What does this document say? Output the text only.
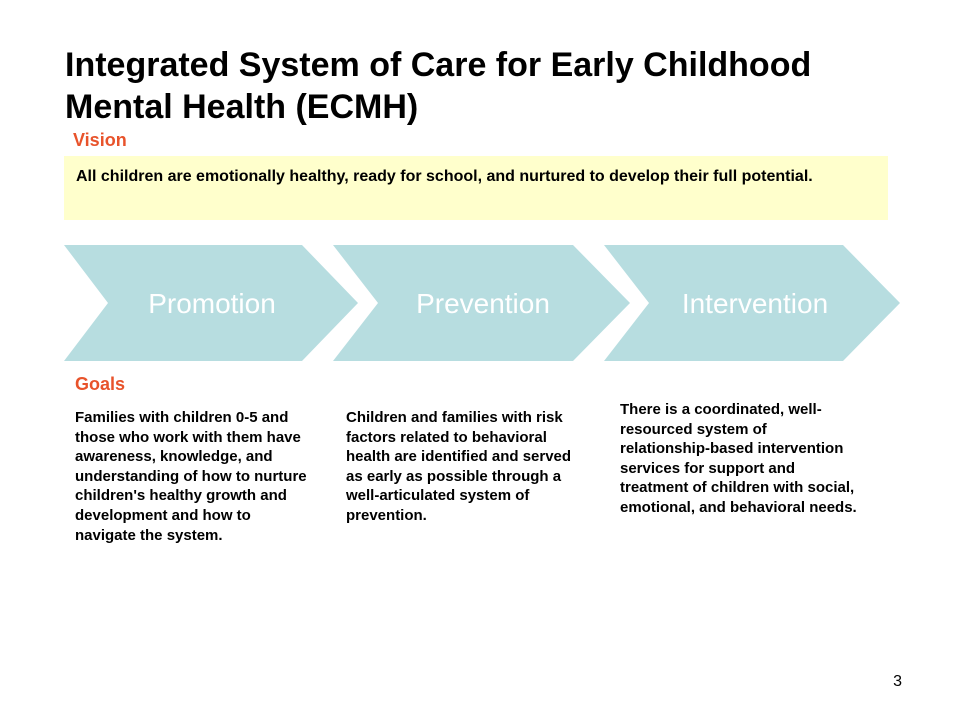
Integrated System of Care for Early Childhood Mental Health (ECMH)
Vision
All children are emotionally healthy, ready for school, and nurtured to develop their full potential.
Promotion	Prevention	Intervention
Goals
Families with children 0-5 and those who work with them have awareness, knowledge, and understanding of how to nurture children's healthy growth and development and how to navigate the system.
Children and families with risk factors related to behavioral health are identified and served as early as possible through a well-articulated system of prevention.
There is a coordinated, well-resourced system of relationship-based intervention services for support and treatment of children with social, emotional, and behavioral needs.
3
